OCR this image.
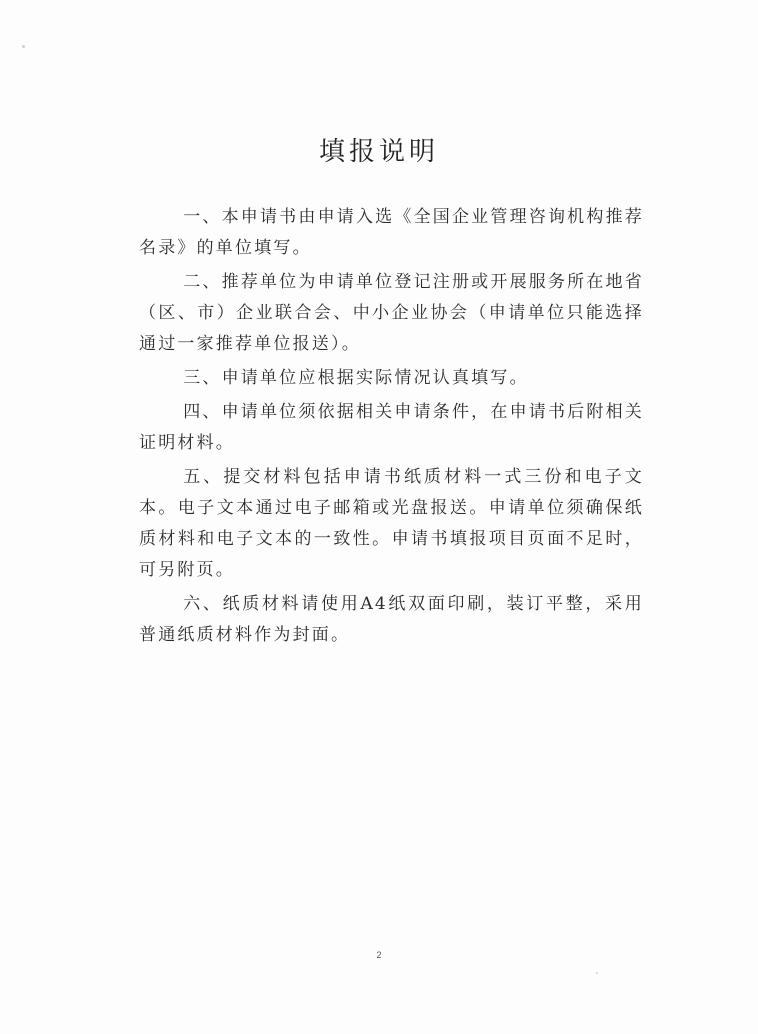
填报说明

一、本申请书由申请入选《全国企业管理咨询机构推荐名录》的单位填写。

二、推荐单位为申请单位登记注册或开展服务所在地省（区、市）企业联合会、中小企业协会（申请单位只能选择通过一家推荐单位报送）。

三、申请单位应根据实际情况认真填写。

四、申请单位须依据相关申请条件，在申请书后附相关证明材料。

五、提交材料包括申请书纸质材料一式三份和电子文本。电子文本通过电子邮箱或光盘报送。申请单位须确保纸质材料和电子文本的一致性。申请书填报项目页面不足时，可另附页。

六、纸质材料请使用A4纸双面印刷，装订平整，采用普通纸质材料作为封面。

2
